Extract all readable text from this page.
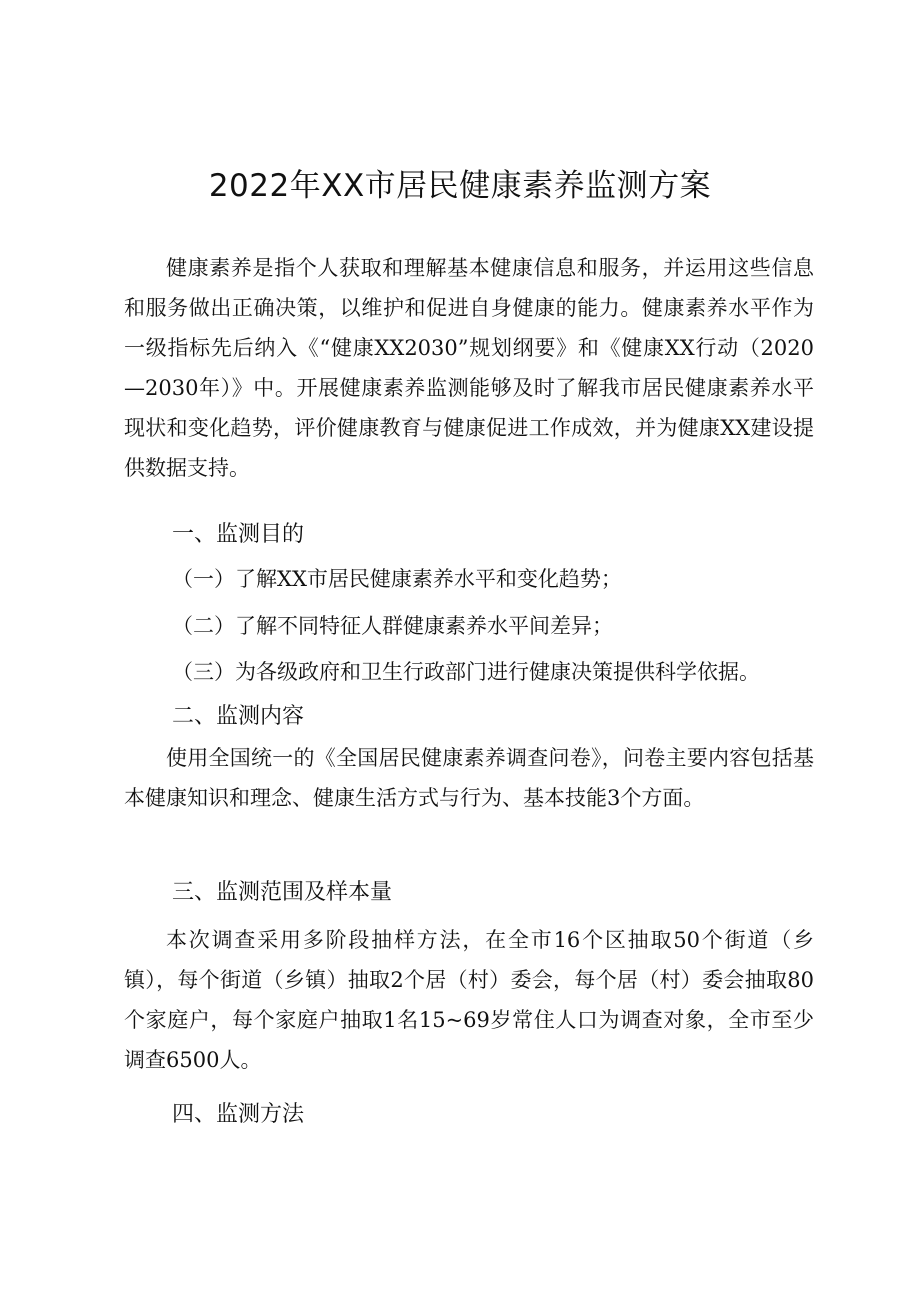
2022年XX市居民健康素养监测方案

健康素养是指个人获取和理解基本健康信息和服务，并运用这些信息和服务做出正确决策，以维护和促进自身健康的能力。健康素养水平作为一级指标先后纳入《“健康XX2030”规划纲要》和《健康XX行动（2020—2030年）》中。开展健康素养监测能够及时了解我市居民健康素养水平现状和变化趋势，评价健康教育与健康促进工作成效，并为健康XX建设提供数据支持。

一、监测目的

（一）了解XX市居民健康素养水平和变化趋势；

（二）了解不同特征人群健康素养水平间差异；

（三）为各级政府和卫生行政部门进行健康决策提供科学依据。

二、监测内容

使用全国统一的《全国居民健康素养调查问卷》，问卷主要内容包括基本健康知识和理念、健康生活方式与行为、基本技能3个方面。

三、监测范围及样本量

本次调查采用多阶段抽样方法，在全市16个区抽取50个街道（乡镇），每个街道（乡镇）抽取2个居（村）委会，每个居（村）委会抽取80个家庭户，每个家庭户抽取1名15~69岁常住人口为调查对象，全市至少调查6500人。

四、监测方法
